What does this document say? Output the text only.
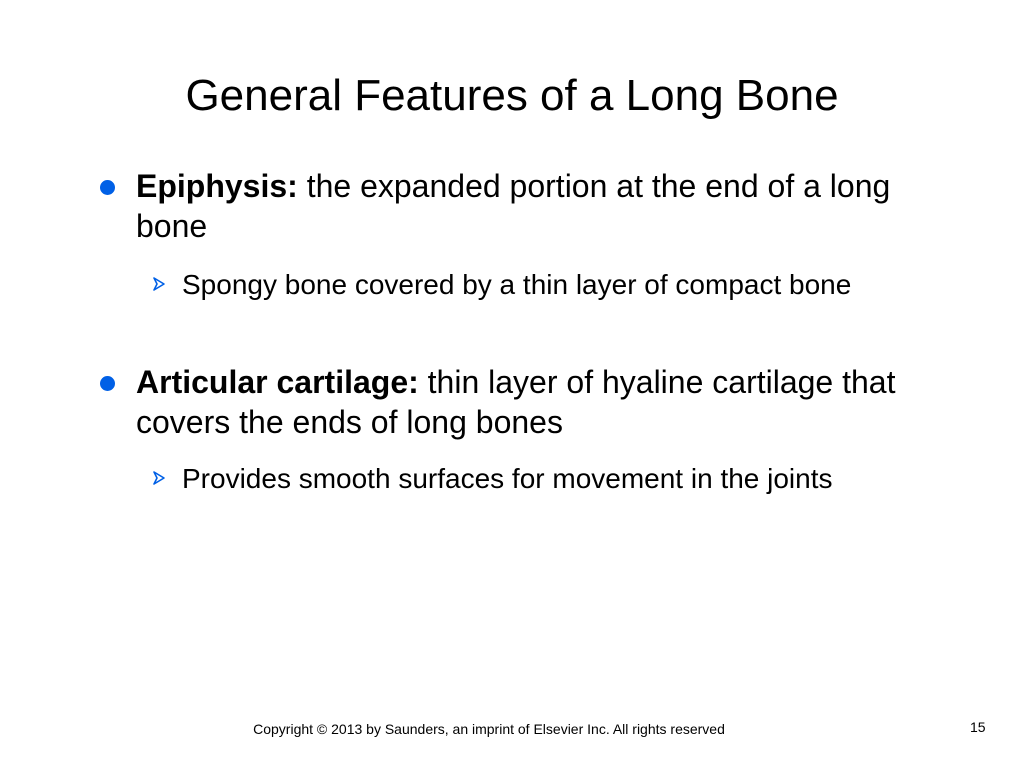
General Features of a Long Bone
Epiphysis: the expanded portion at the end of a long bone
Spongy bone covered by a thin layer of compact bone
Articular cartilage: thin layer of hyaline cartilage that covers the ends of long bones
Provides smooth surfaces for movement in the joints
Copyright © 2013 by Saunders, an imprint of Elsevier Inc. All rights reserved	15
